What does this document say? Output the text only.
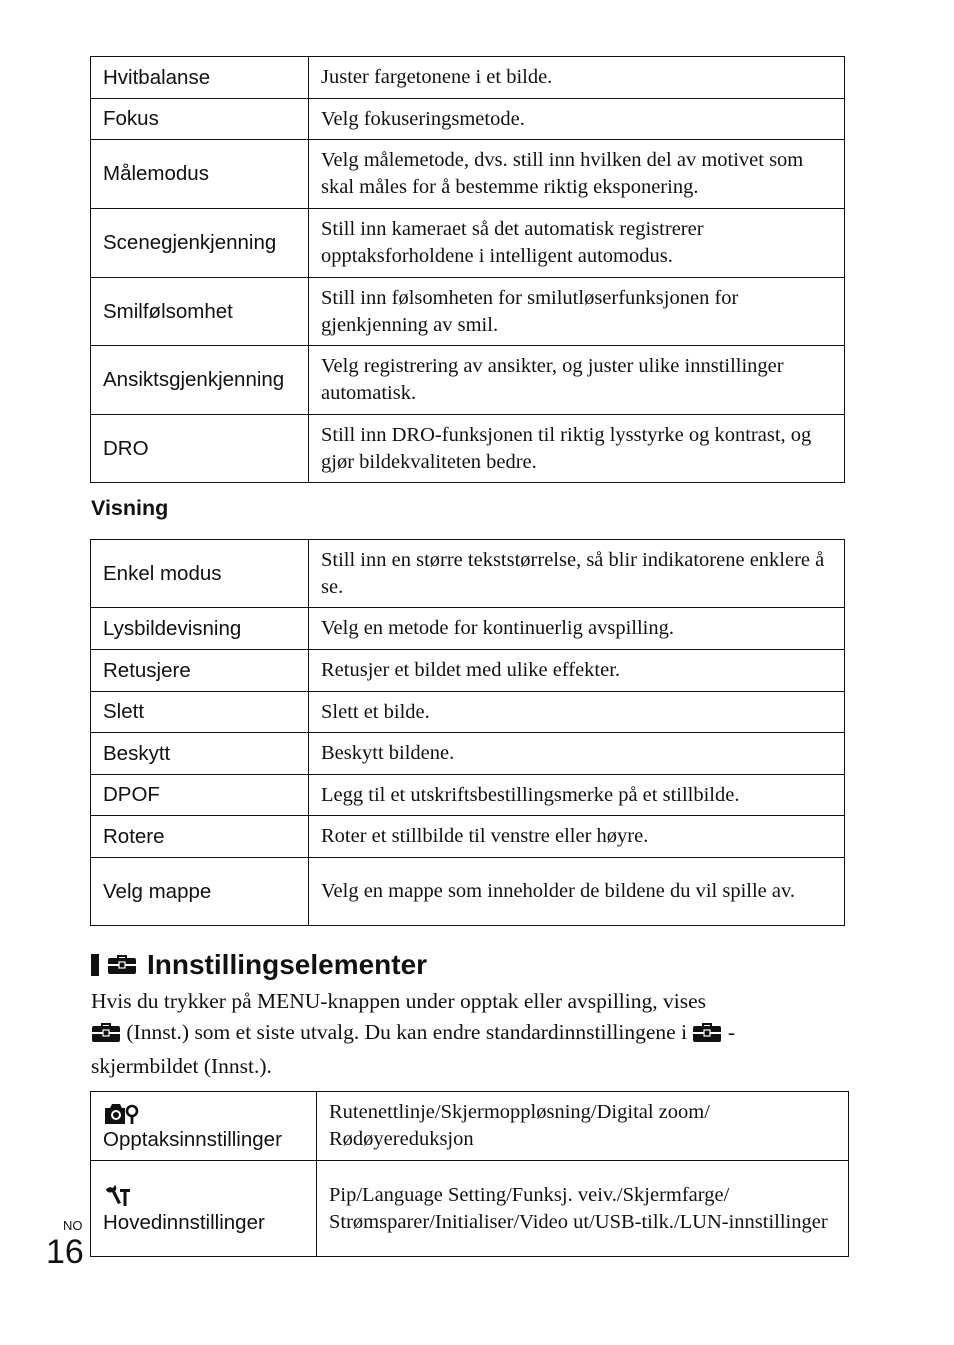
Hvitbalanse	Juster fargetonene i et bilde.
Fokus	Velg fokuseringsmetode.
Målemodus	Velg målemetode, dvs. still inn hvilken del av motivet som skal måles for å bestemme riktig eksponering.
Scenegjenkjenning	Still inn kameraet så det automatisk registrerer opptaksforholdene i intelligent automodus.
Smilfølsomhet	Still inn følsomheten for smilutløserfunksjonen for gjenkjenning av smil.
Ansiktsgjenkjenning	Velg registrering av ansikter, og juster ulike innstillinger automatisk.
DRO	Still inn DRO-funksjonen til riktig lysstyrke og kontrast, og gjør bildekvaliteten bedre.
Visning
Enkel modus	Still inn en større tekststørrelse, så blir indikatorene enklere å se.
Lysbildevisning	Velg en metode for kontinuerlig avspilling.
Retusjere	Retusjer et bildet med ulike effekter.
Slett	Slett et bilde.
Beskytt	Beskytt bildene.
DPOF	Legg til et utskriftsbestillingsmerke på et stillbilde.
Rotere	Roter et stillbilde til venstre eller høyre.
Velg mappe	Velg en mappe som inneholder de bildene du vil spille av.
Innstillingselementer
Hvis du trykker på MENU-knappen under opptak eller avspilling, vises
(Innst.) som et siste utvalg. Du kan endre standardinnstillingene i  -
skjermbildet (Innst.).
Opptaksinnstillinger	Rutenettlinje/Skjermoppløsning/Digital zoom/ Rødøyereduksjon

Hovedinnstillinger	Pip/Language Setting/Funksj. veiv./Skjermfarge/ Strømsparer/Initialiser/Video ut/USB-tilk./LUN-innstillinger
NO
16
